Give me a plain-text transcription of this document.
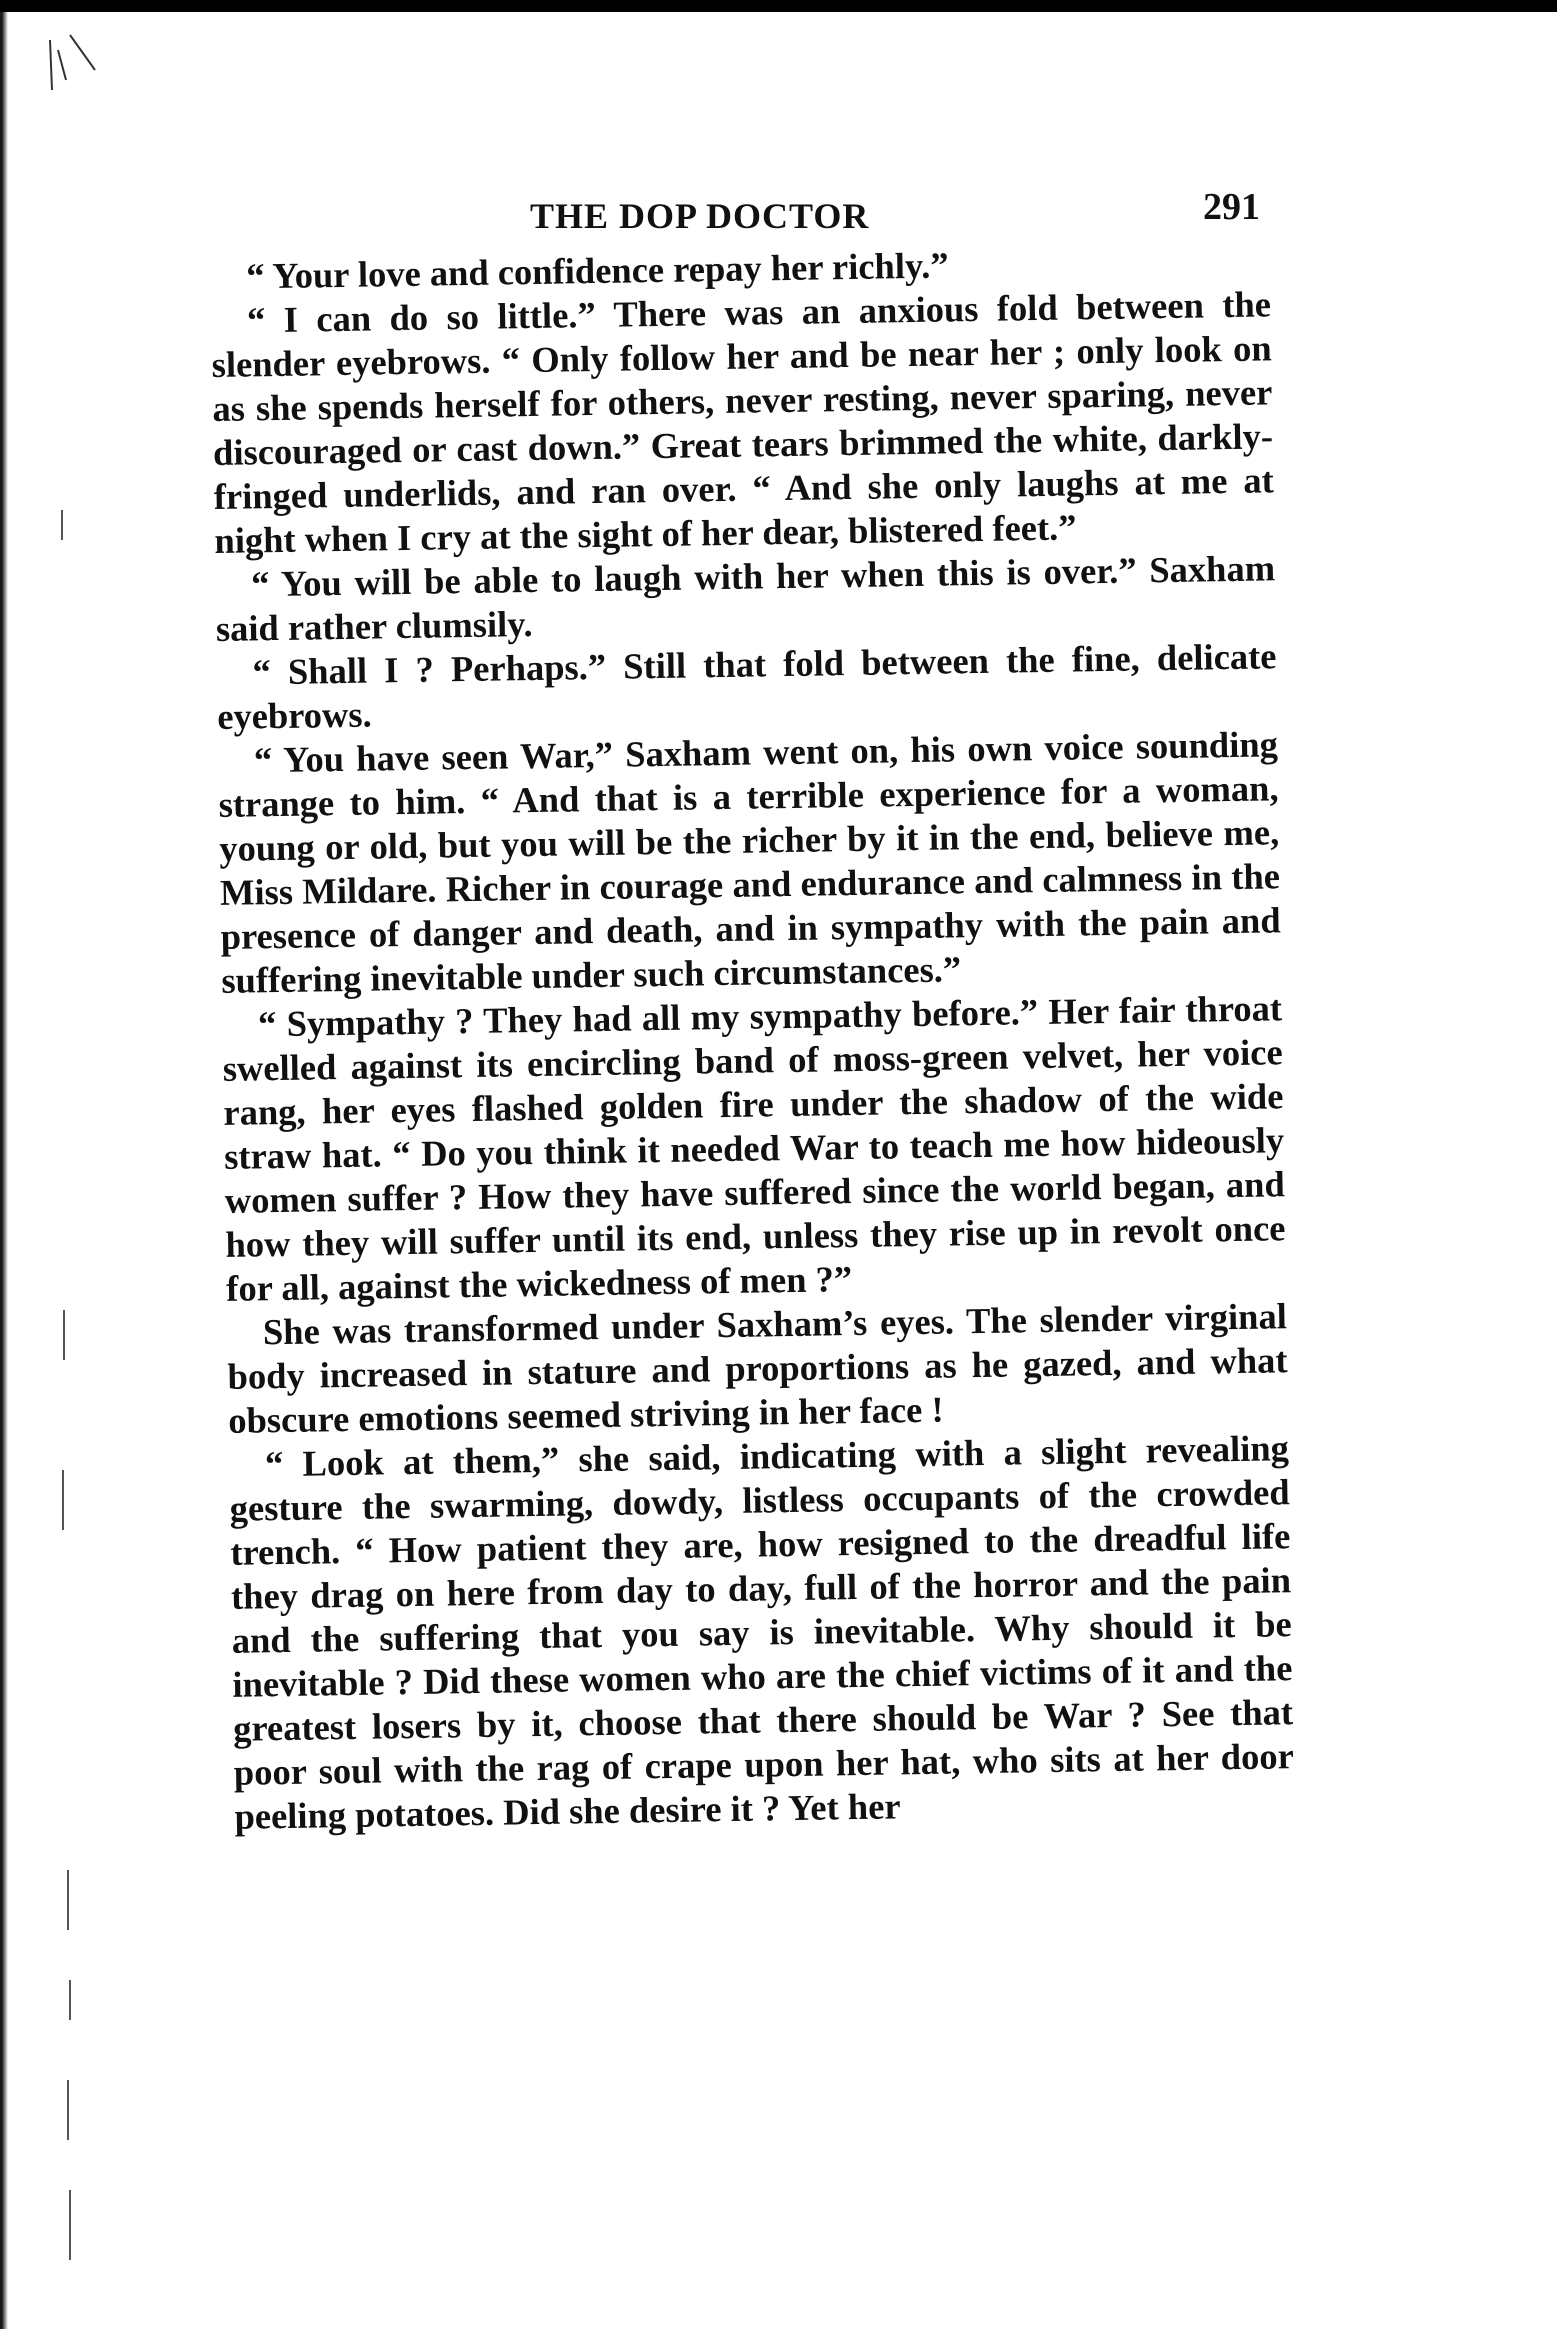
THE DOP DOCTOR	291

“ Your love and confidence repay her richly.”

“ I can do so little.” There was an anxious fold between the slender eyebrows. “ Only follow her and be near her ; only look on as she spends herself for others, never resting, never sparing, never discouraged or cast down.” Great tears brimmed the white, darkly-fringed underlids, and ran over. “ And she only laughs at me at night when I cry at the sight of her dear, blistered feet.”

“ You will be able to laugh with her when this is over.” Saxham said rather clumsily.

“ Shall I ? Perhaps.” Still that fold between the fine, delicate eyebrows.

“ You have seen War,” Saxham went on, his own voice sounding strange to him. “ And that is a terrible experience for a woman, young or old, but you will be the richer by it in the end, believe me, Miss Mildare. Richer in courage and endurance and calmness in the presence of danger and death, and in sympathy with the pain and suffering inevitable under such circumstances.”

“ Sympathy ? They had all my sympathy before.” Her fair throat swelled against its encircling band of moss-green velvet, her voice rang, her eyes flashed golden fire under the shadow of the wide straw hat. “ Do you think it needed War to teach me how hideously women suffer ? How they have suffered since the world began, and how they will suffer until its end, unless they rise up in revolt once for all, against the wickedness of men ?”

She was transformed under Saxham’s eyes. The slender virginal body increased in stature and proportions as he gazed, and what obscure emotions seemed striving in her face !

“ Look at them,” she said, indicating with a slight revealing gesture the swarming, dowdy, listless occupants of the crowded trench. “ How patient they are, how resigned to the dreadful life they drag on here from day to day, full of the horror and the pain and the suffering that you say is inevitable. Why should it be inevitable ? Did these women who are the chief victims of it and the greatest losers by it, choose that there should be War ? See that poor soul with the rag of crape upon her hat, who sits at her door peeling potatoes. Did she desire it ? Yet her
